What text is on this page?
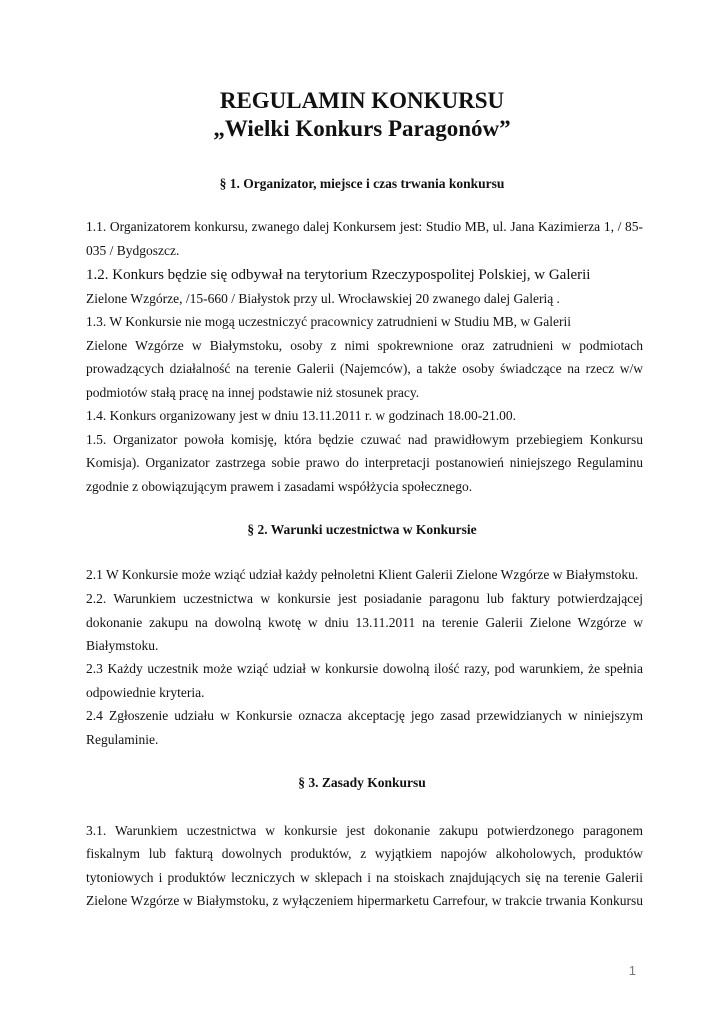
REGULAMIN KONKURSU
„Wielki Konkurs Paragonów”
§ 1. Organizator, miejsce i czas trwania konkursu
1.1. Organizatorem konkursu, zwanego dalej Konkursem jest: Studio MB, ul. Jana Kazimierza 1, / 85-
035 / Bydgoszcz.
1.2. Konkurs będzie się odbywał na terytorium Rzeczypospolitej Polskiej, w Galerii
Zielone Wzgórze, /15-660 / Białystok przy ul. Wrocławskiej 20 zwanego dalej Galerią .
1.3. W Konkursie nie mogą uczestniczyć pracownicy zatrudnieni w Studiu MB, w Galerii
Zielone Wzgórze w Białymstoku, osoby z nimi spokrewnione oraz zatrudnieni w podmiotach
prowadzących działalność na terenie Galerii (Najemców), a także osoby świadczące na rzecz w/w
podmiotów stałą pracę na innej podstawie niż stosunek pracy.
1.4. Konkurs organizowany jest w dniu 13.11.2011 r. w godzinach 18.00-21.00.
1.5. Organizator powoła komisję, która będzie czuwać nad prawidłowym przebiegiem Konkursu
Komisja). Organizator zastrzega sobie prawo do interpretacji postanowień niniejszego Regulaminu
zgodnie z obowiązującym prawem i zasadami współżycia społecznego.
§ 2. Warunki uczestnictwa w Konkursie
2.1 W Konkursie może wziąć udział każdy pełnoletni Klient Galerii Zielone Wzgórze w Białymstoku.
2.2. Warunkiem uczestnictwa w konkursie jest posiadanie paragonu lub faktury potwierdzającej
dokonanie zakupu na dowolną kwotę w dniu 13.11.2011 na terenie Galerii Zielone Wzgórze w
Białymstoku.
2.3 Każdy uczestnik może wziąć udział w konkursie dowolną ilość razy, pod warunkiem, że spełnia
odpowiednie kryteria.
2.4 Zgłoszenie udziału w Konkursie oznacza akceptację jego zasad przewidzianych w niniejszym
Regulaminie.
§ 3. Zasady Konkursu
3.1. Warunkiem uczestnictwa w konkursie jest dokonanie zakupu potwierdzonego paragonem
fiskalnym lub fakturą dowolnych produktów, z wyjątkiem napojów alkoholowych, produktów
tytoniowych i produktów leczniczych w sklepach i na stoiskach znajdujących się na terenie Galerii
Zielone Wzgórze w Białymstoku, z wyłączeniem hipermarketu Carrefour, w trakcie trwania Konkursu
1
